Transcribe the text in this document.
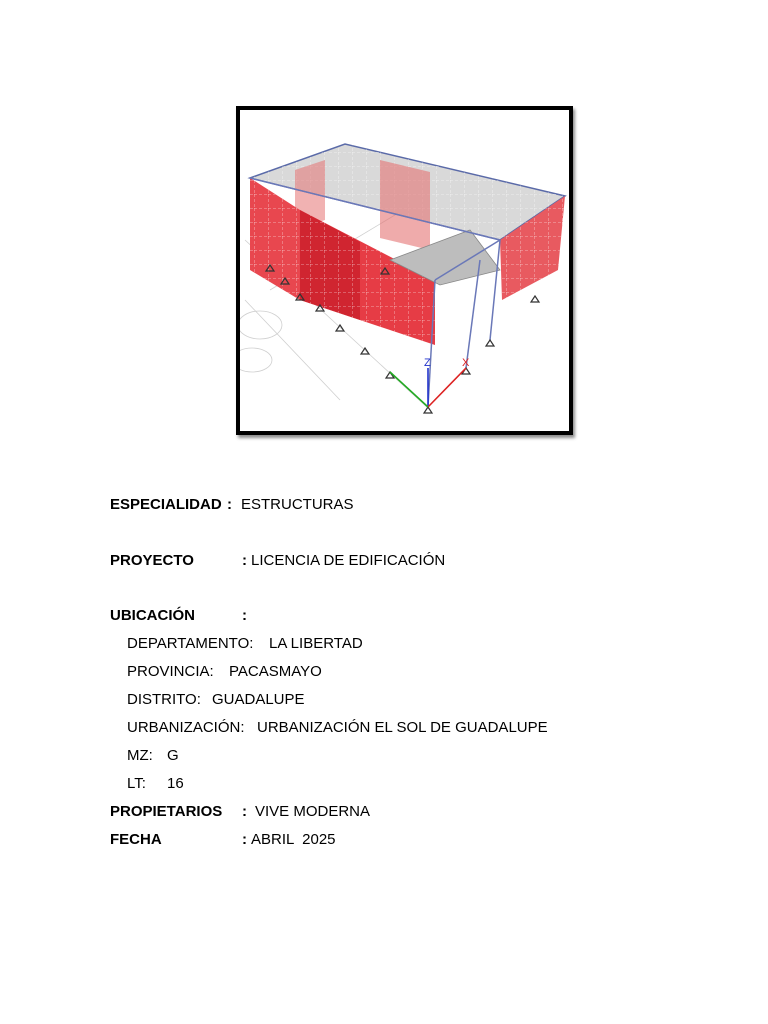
Z	X
ESPECIALIDAD : ESTRUCTURAS
PROYECTO	: LICENCIA DE EDIFICACIÓN
UBICACIÓN	:
DEPARTAMENTO: LA LIBERTAD
PROVINCIA: PACASMAYO
DISTRITO: GUADALUPE
URBANIZACIÓN: URBANIZACIÓN EL SOL DE GUADALUPE
MZ: G
LT: 16
PROPIETARIOS : VIVE MODERNA
FECHA	: ABRIL  2025
